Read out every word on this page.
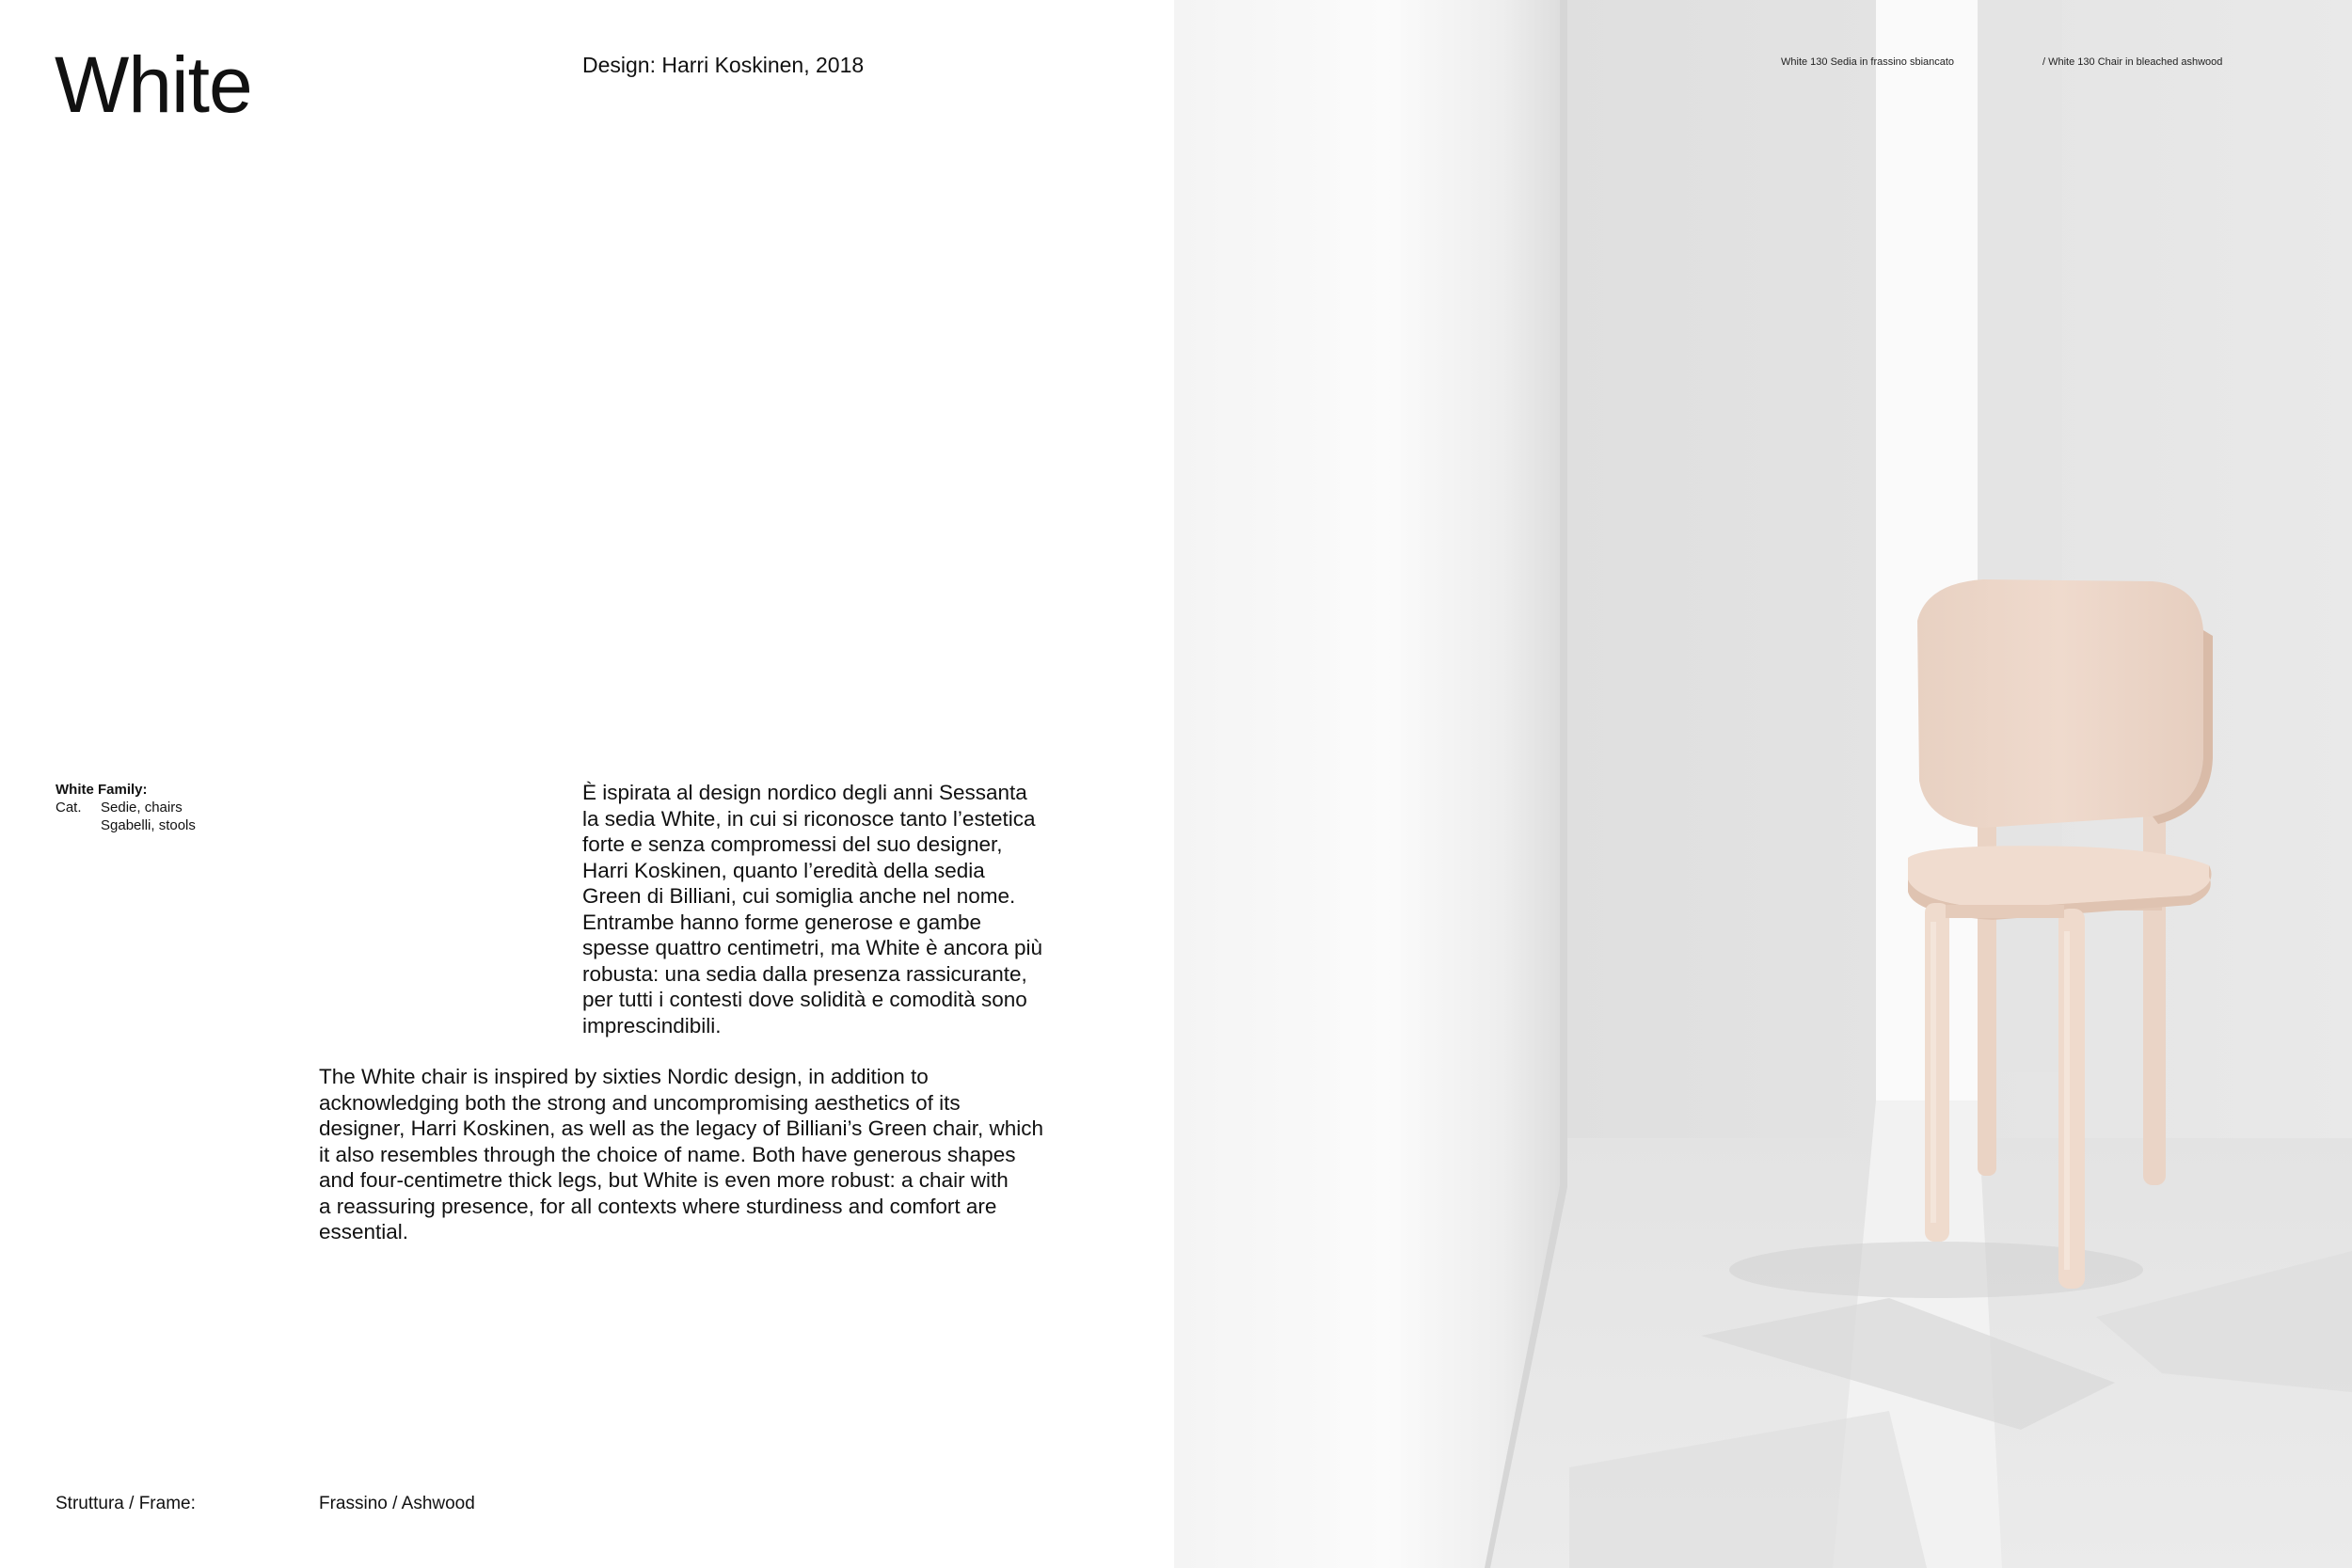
White	Design: Harri Koskinen, 2018
White Family:
Cat.	Sedie, chairs
Sgabelli, stools
È ispirata al design nordico degli anni Sessanta
la sedia White, in cui si riconosce tanto l’estetica
forte e senza compromessi del suo designer,
Harri Koskinen, quanto l’eredità della sedia
Green di Billiani, cui somiglia anche nel nome.
Entrambe hanno forme generose e gambe
spesse quattro centimetri, ma White è ancora più
robusta: una sedia dalla presenza rassicurante,
per tutti i contesti dove solidità e comodità sono
imprescindibili.
The White chair is inspired by sixties Nordic design, in addition to
acknowledging both the strong and uncompromising aesthetics of its
designer, Harri Koskinen, as well as the legacy of Billiani’s Green chair, which
it also resembles through the choice of name. Both have generous shapes
and four-centimetre thick legs, but White is even more robust: a chair with
a reassuring presence, for all contexts where sturdiness and comfort are
essential.
Struttura / Frame:	Frassino / Ashwood
White 130 Sedia in frassino sbiancato	/ White 130 Chair in bleached ashwood
